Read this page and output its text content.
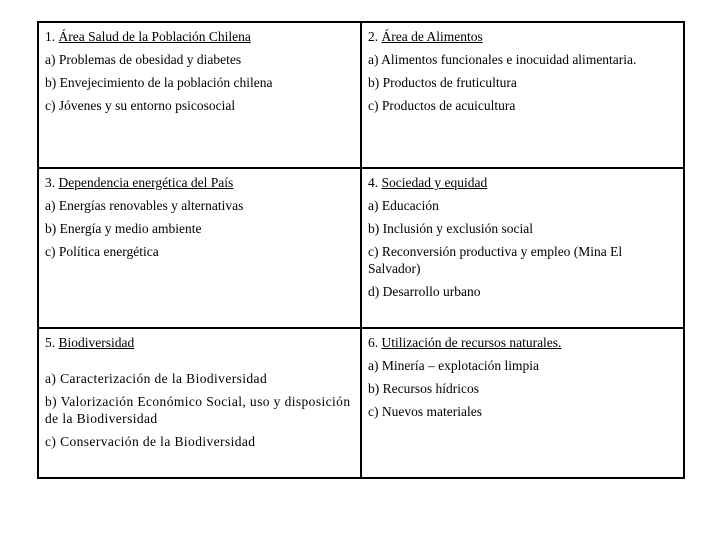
1. Área Salud de la Población Chilena
a) Problemas de obesidad y diabetes
b) Envejecimiento de la población chilena
c) Jóvenes y su entorno psicosocial
2. Área de Alimentos
a) Alimentos funcionales e inocuidad alimentaria.
b) Productos de fruticultura
c) Productos de acuicultura
3. Dependencia energética del País
a) Energías renovables y alternativas
b) Energía y medio ambiente
c) Política energética
4. Sociedad y equidad
a) Educación
b) Inclusión y exclusión social
c) Reconversión productiva y empleo (Mina El Salvador)
d) Desarrollo urbano
5. Biodiversidad
a) Caracterización de la Biodiversidad
b) Valorización Económico Social, uso y disposición de la Biodiversidad
c) Conservación de la Biodiversidad
6. Utilización de recursos naturales.
a) Minería – explotación limpia
b) Recursos hídricos
c) Nuevos materiales
